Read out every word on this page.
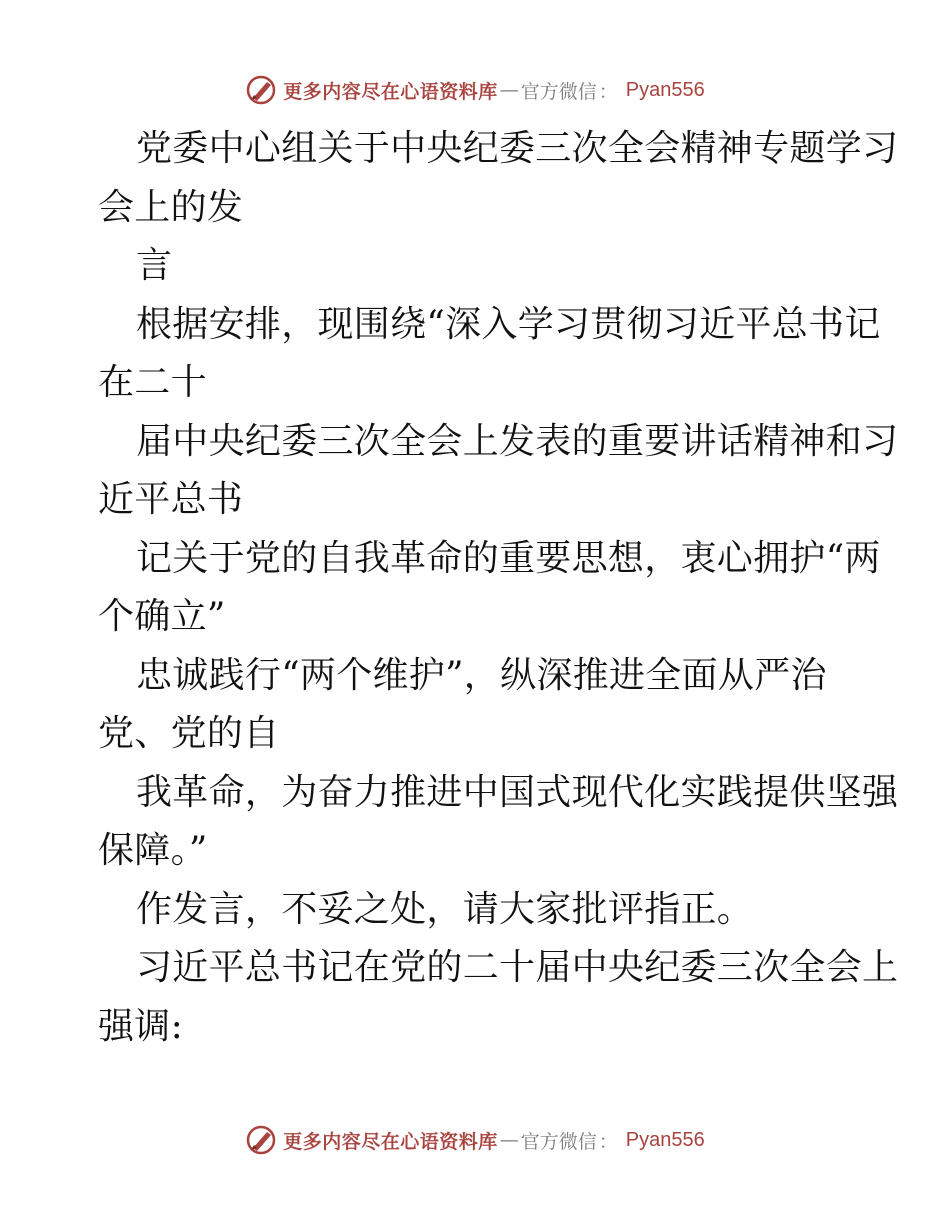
更多内容尽在心语资料库 — 官方微信 ： Pyan556
党委中心组关于中央纪委三次全会精神专题学习
会上的发
言
根据安排，现围绕“深入学习贯彻习近平总书记
在二十
届中央纪委三次全会上发表的重要讲话精神和习
近平总书
记关于党的自我革命的重要思想，衷心拥护“两
个确立”
忠诚践行“两个维护”，纵深推进全面从严治
党、党的自
我革命，为奋力推进中国式现代化实践提供坚强
保障。”
作发言，不妥之处，请大家批评指正。
习近平总书记在党的二十届中央纪委三次全会上
强调:
更多内容尽在心语资料库 — 官方微信 ： Pyan556
